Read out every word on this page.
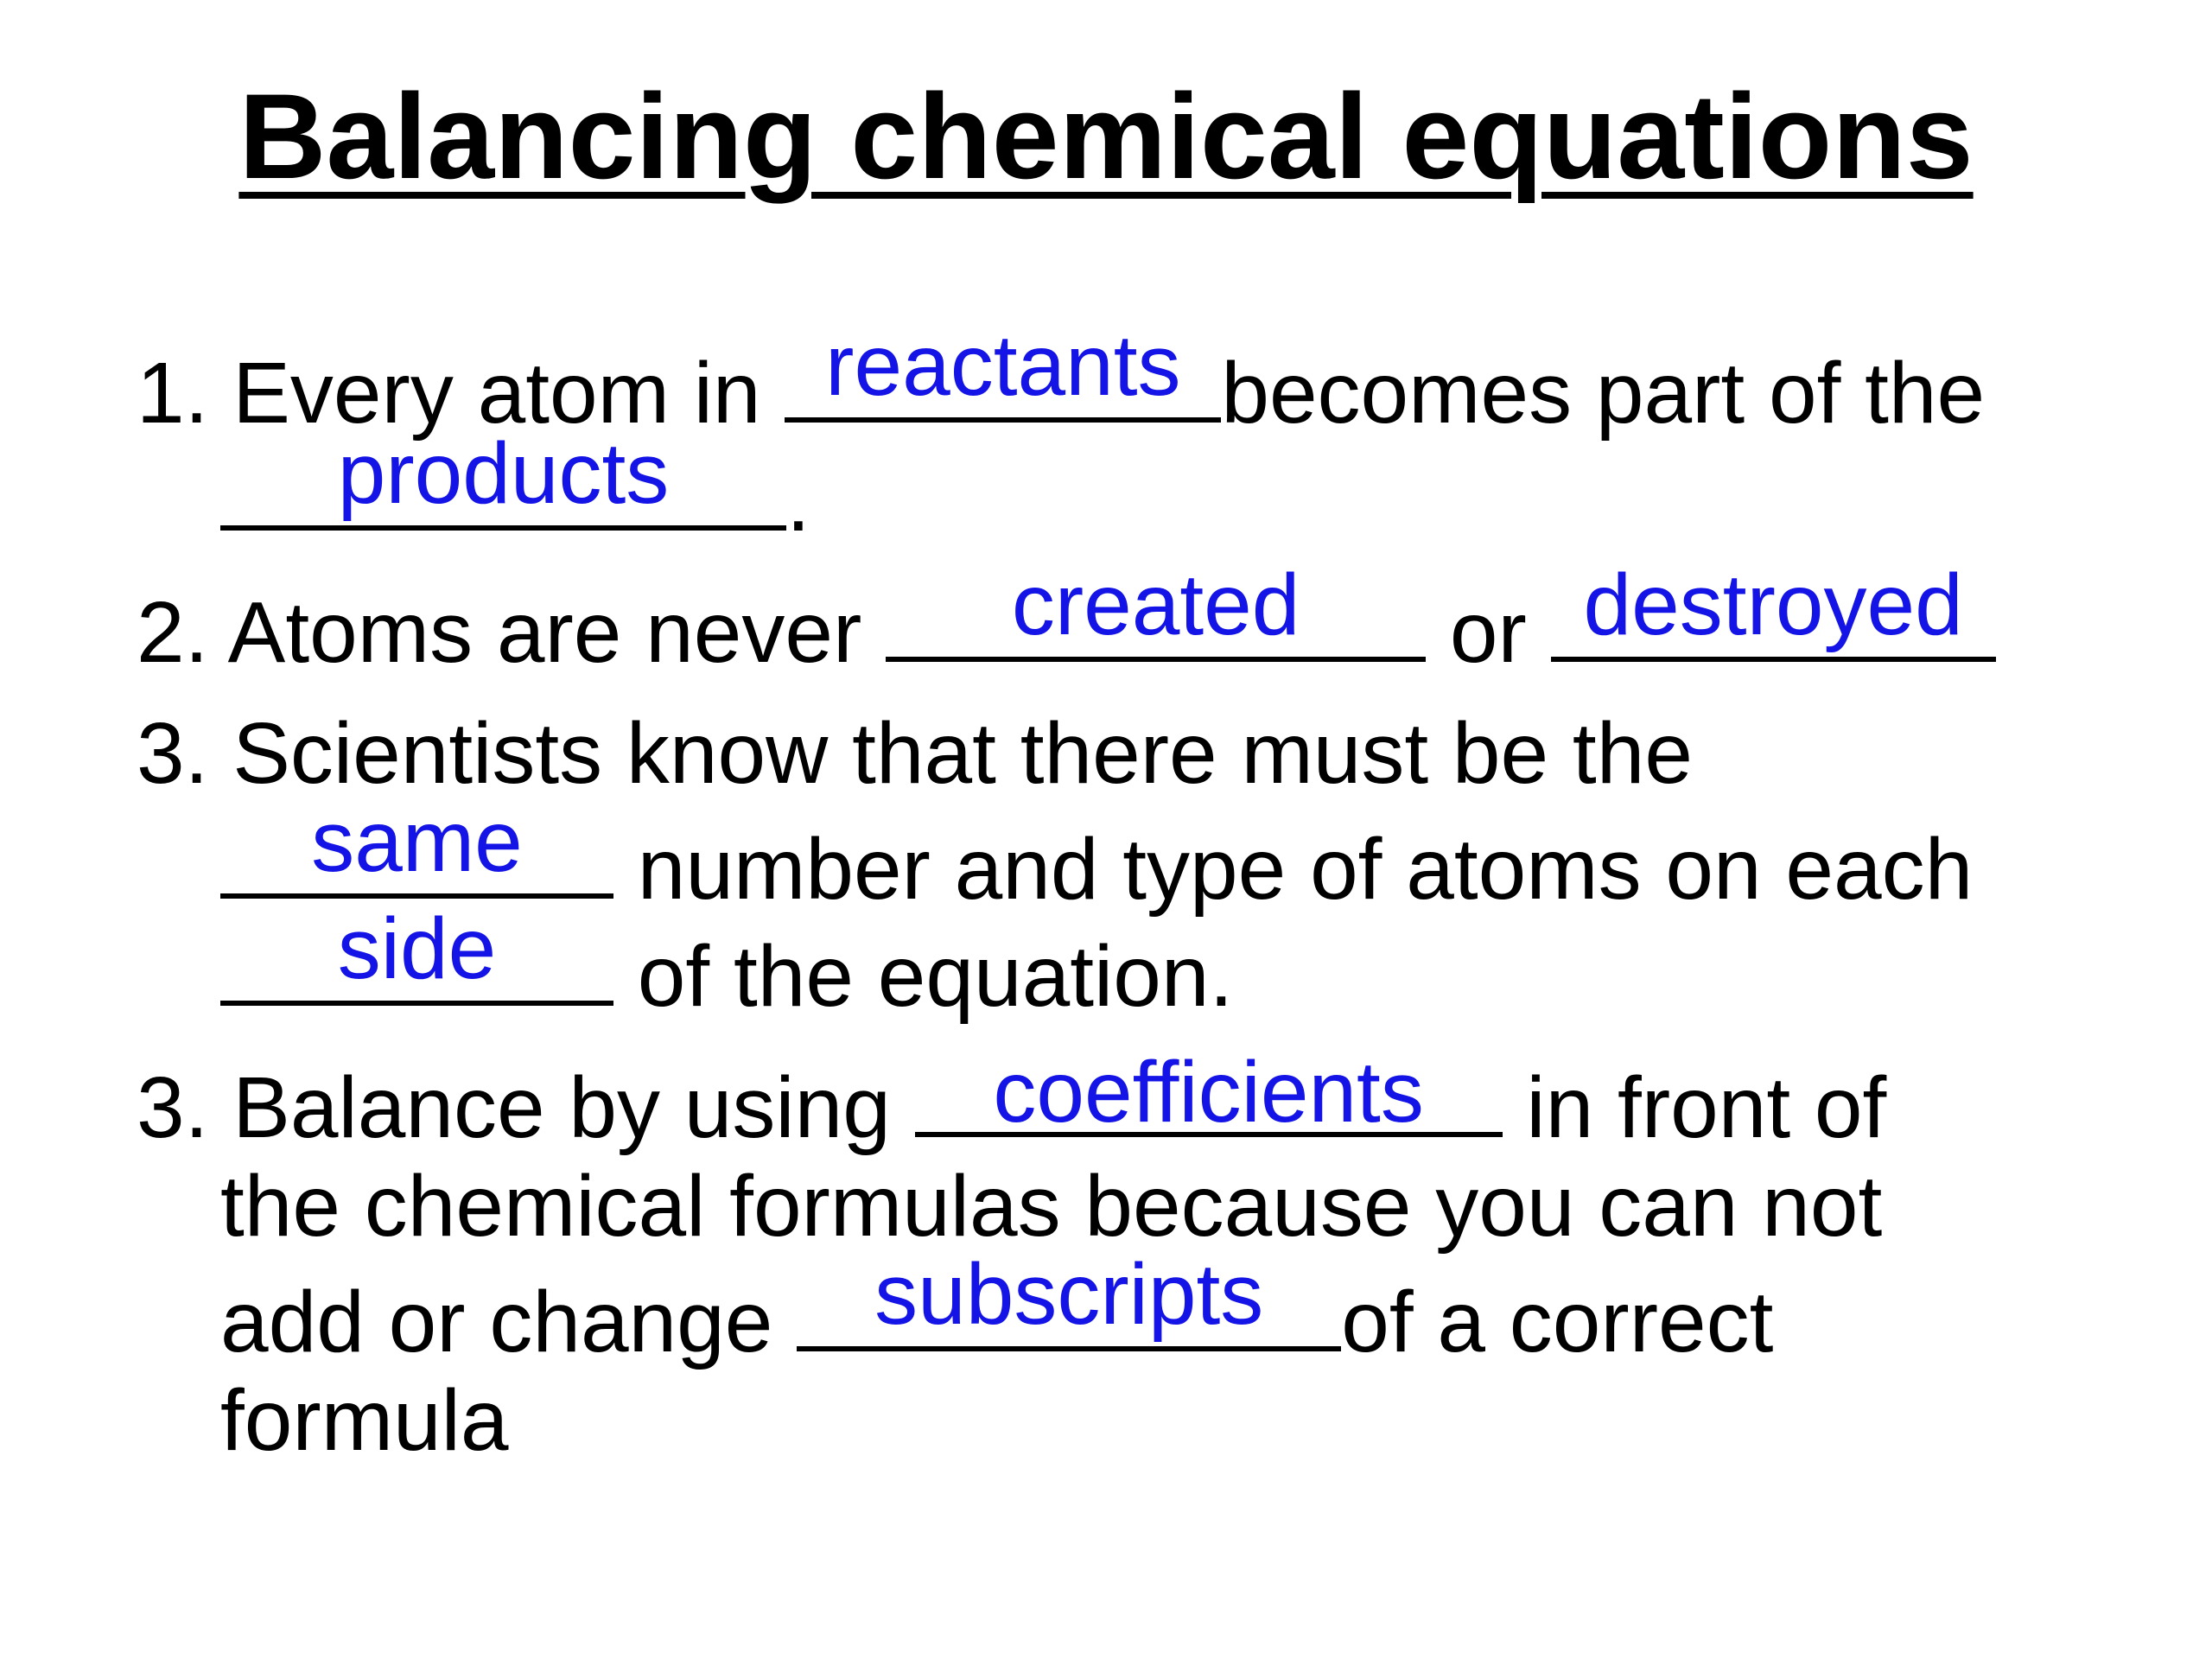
Balancing chemical equations
1. Every atom in reactants becomes part of the
products .
2. Atoms are never created or destroyed
3. Scientists know that there must be the
same number and type of atoms on each
side of the equation.
3. Balance by using coefficients in front of
the chemical formulas because you can not
add or change subscripts of a correct
formula
